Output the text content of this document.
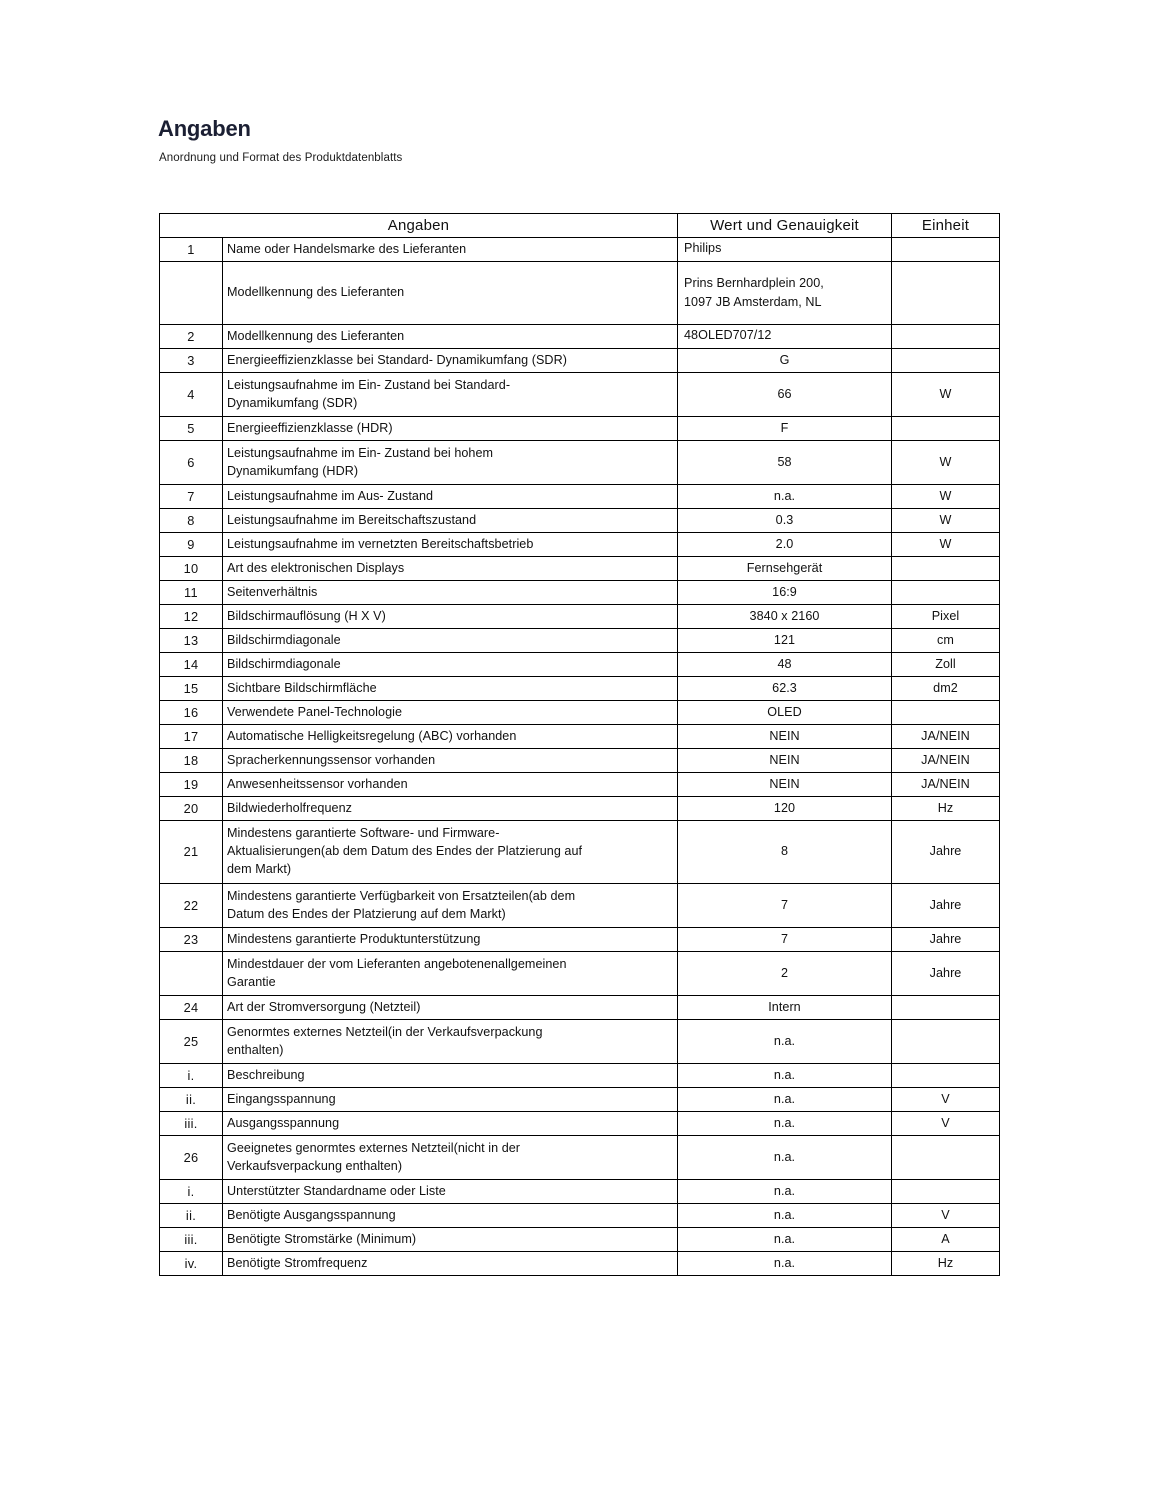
Angaben
Anordnung und Format des Produktdatenblatts
Angaben		Wert und Genauigkeit	Einheit
1	Name oder Handelsmarke des Lieferanten	Philips	
	Modellkennung des Lieferanten	Prins Bernhardplein 200,
1097 JB Amsterdam, NL	

2	Modellkennung des Lieferanten	48OLED707/12	
3	Energieeffizienzklasse bei Standard- Dynamikumfang (SDR)	G	
4	Leistungsaufnahme im Ein- Zustand bei Standard-
Dynamikumfang (SDR)	66	W
5	Energieeffizienzklasse (HDR)	F	
6	Leistungsaufnahme im Ein- Zustand bei hohem
Dynamikumfang (HDR)	58	W
7	Leistungsaufnahme im Aus- Zustand	n.a.	W
8	Leistungsaufnahme im Bereitschaftszustand	0.3	W
9	Leistungsaufnahme im vernetzten Bereitschaftsbetrieb	2.0	W
10	Art des elektronischen Displays	Fernsehgerät	
11	Seitenverhältnis	16:9	
12	Bildschirmauflösung (H X V)	3840 x 2160	Pixel
13	Bildschirmdiagonale	121	cm
14	Bildschirmdiagonale	48	Zoll
15	Sichtbare Bildschirmfläche	62.3	dm2
16	Verwendete Panel-Technologie	OLED	
17	Automatische Helligkeitsregelung (ABC) vorhanden	NEIN	JA/NEIN
18	Spracherkennungssensor vorhanden	NEIN	JA/NEIN
19	Anwesenheitssensor vorhanden	NEIN	JA/NEIN
20	Bildwiederholfrequenz	120	Hz
21	Mindestens garantierte Software- und Firmware-
Aktualisierungen(ab dem Datum des Endes der Platzierung auf
dem Markt)	8	Jahre
22	Mindestens garantierte Verfügbarkeit von Ersatzteilen(ab dem
Datum des Endes der Platzierung auf dem Markt)	7	Jahre
23	Mindestens garantierte Produktunterstützung	7	Jahre
	Mindestdauer der vom Lieferanten angebotenenallgemeinen
Garantie	2	Jahre
24	Art der Stromversorgung (Netzteil)	Intern	
25	Genormtes externes Netzteil(in der Verkaufsverpackung
enthalten)	n.a.	
i.	Beschreibung	n.a.	
ii.	Eingangsspannung	n.a.	V
iii.	Ausgangsspannung	n.a.	V
26	Geeignetes genormtes externes Netzteil(nicht in der
Verkaufsverpackung enthalten)	n.a.	
i.	Unterstützter Standardname oder Liste	n.a.	
ii.	Benötigte Ausgangsspannung	n.a.	V
iii.	Benötigte Stromstärke (Minimum)	n.a.	A
iv.	Benötigte Stromfrequenz	n.a.	Hz
